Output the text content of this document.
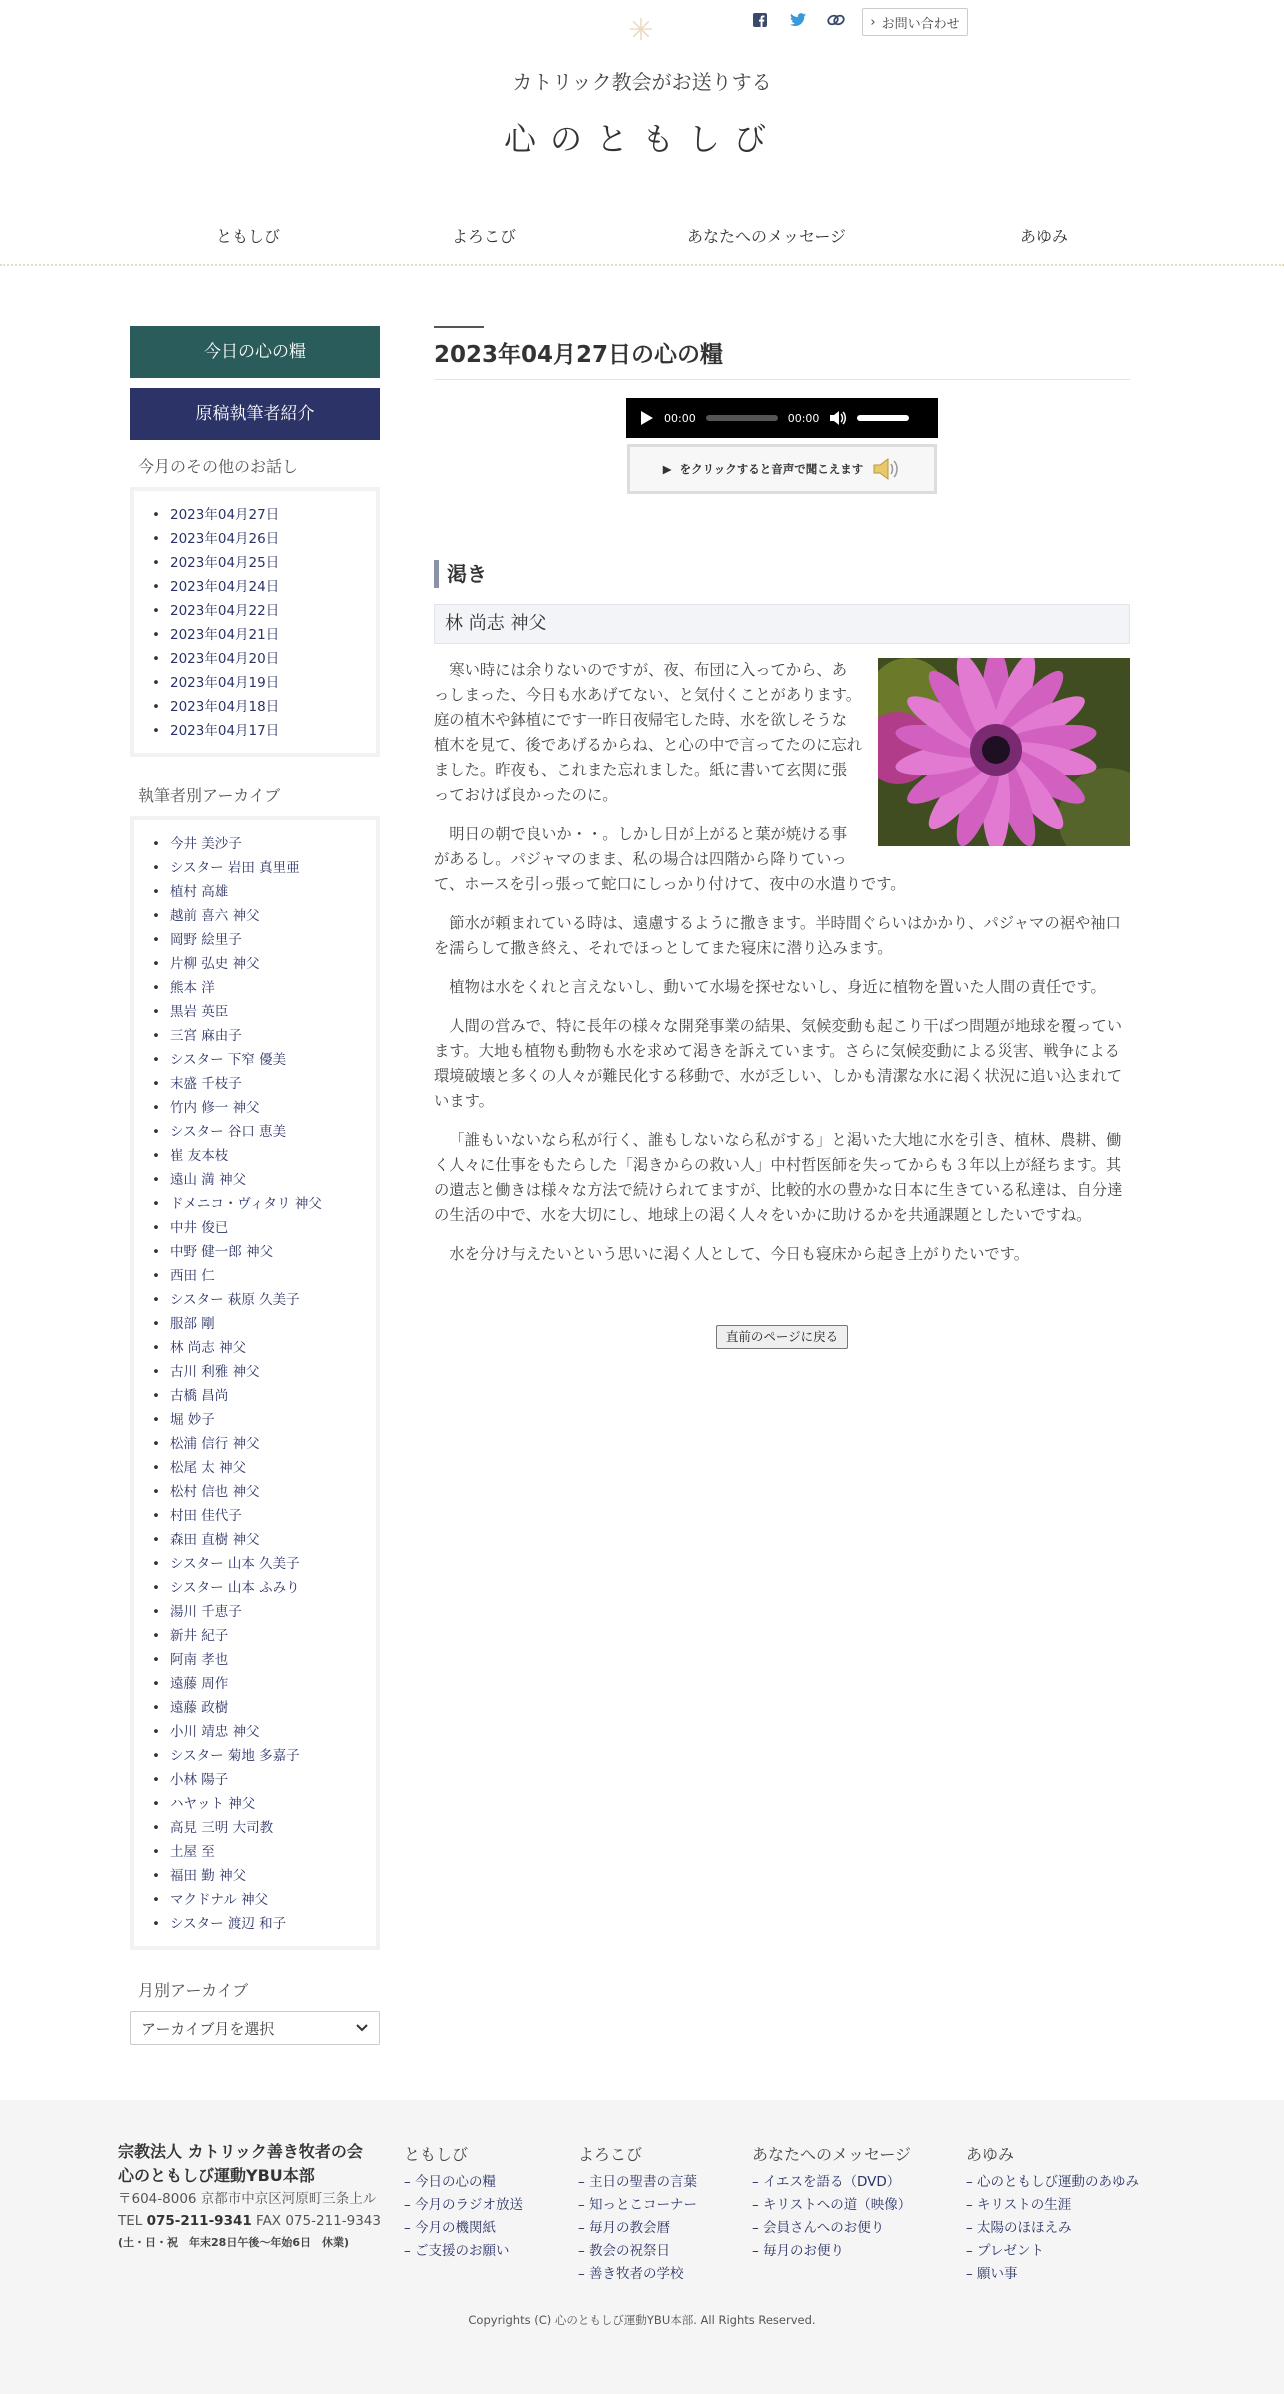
✳	› お問い合わせ
カトリック教会がお送りする
心のともしび
ともしび	よろこび	あなたへのメッセージ	あゆみ
今日の心の糧
原稿執筆者紹介
今月のその他のお話し
• 2023年04月27日
• 2023年04月26日
• 2023年04月25日
• 2023年04月24日
• 2023年04月22日
• 2023年04月21日
• 2023年04月20日
• 2023年04月19日
• 2023年04月18日
• 2023年04月17日
執筆者別アーカイブ
• 今井 美沙子
• シスター 岩田 真里亜
• 植村 高雄
• 越前 喜六 神父
• 岡野 絵里子
• 片柳 弘史 神父
• 熊本 洋
• 黒岩 英臣
• 三宮 麻由子
• シスター 下窄 優美
• 末盛 千枝子
• 竹内 修一 神父
• シスター 谷口 恵美
• 崔 友本枝
• 遠山 満 神父
• ドメニコ・ヴィタリ 神父
• 中井 俊已
• 中野 健一郎 神父
• 西田 仁
• シスター 萩原 久美子
• 服部 剛
• 林 尚志 神父
• 古川 利雅 神父
• 古橋 昌尚
• 堀 妙子
• 松浦 信行 神父
• 松尾 太 神父
• 松村 信也 神父
• 村田 佳代子
• 森田 直樹 神父
• シスター 山本 久美子
• シスター 山本 ふみり
• 湯川 千恵子
• 新井 紀子
• 阿南 孝也
• 遠藤 周作
• 遠藤 政樹
• 小川 靖忠 神父
• シスター 菊地 多嘉子
• 小林 陽子
• ハヤット 神父
• 高見 三明 大司教
• 土屋 至
• 福田 勤 神父
• マクドナル 神父
• シスター 渡辺 和子
月別アーカイブ
アーカイブ月を選択
2023年04月27日の心の糧
00:00	00:00
▶ をクリックすると音声で聞こえます
渇き
林 尚志 神父

寒い時には余りないのですが、夜、布団に入ってから、あっしまった、今日も水あげてない、と気付くことがあります。庭の植木や鉢植にです一昨日夜帰宅した時、水を欲しそうな植木を見て、後であげるからね、と心の中で言ってたのに忘れました。昨夜も、これまた忘れました。紙に書いて玄関に張っておけば良かったのに。

明日の朝で良いか・・。しかし日が上がると葉が焼ける事があるし。パジャマのまま、私の場合は四階から降りていって、ホースを引っ張って蛇口にしっかり付けて、夜中の水遣りです。

節水が頼まれている時は、遠慮するように撒きます。半時間ぐらいはかかり、パジャマの裾や袖口を濡らして撒き終え、それでほっとしてまた寝床に潜り込みます。

植物は水をくれと言えないし、動いて水場を探せないし、身近に植物を置いた人間の責任です。

人間の営みで、特に長年の様々な開発事業の結果、気候変動も起こり干ばつ問題が地球を覆っています。大地も植物も動物も水を求めて渇きを訴えています。さらに気候変動による災害、戦争による環境破壊と多くの人々が難民化する移動で、水が乏しい、しかも清潔な水に渇く状況に追い込まれています。

「誰もいないなら私が行く、誰もしないなら私がする」と渇いた大地に水を引き、植林、農耕、働く人々に仕事をもたらした「渇きからの救い人」中村哲医師を失ってからも３年以上が経ちます。其の遺志と働きは様々な方法で続けられてますが、比較的水の豊かな日本に生きている私達は、自分達の生活の中で、水を大切にし、地球上の渇く人々をいかに助けるかを共通課題としたいですね。

水を分け与えたいという思いに渇く人として、今日も寝床から起き上がりたいです。

直前のページに戻る
宗教法人 カトリック善き牧者の会
心のともしび運動YBU本部
〒604-8006 京都市中京区河原町三条上ル
TEL 075-211-9341 FAX 075-211-9343
(土・日・祝　年末28日午後〜年始6日　休業)
ともしび
– 今日の心の糧
– 今月のラジオ放送
– 今月の機関紙
– ご支援のお願い
よろこび
– 主日の聖書の言葉
– 知っとこコーナー
– 毎月の教会暦
– 教会の祝祭日
– 善き牧者の学校
あなたへのメッセージ
– イエスを語る（DVD）
– キリストへの道（映像）
– 会員さんへのお便り
– 毎月のお便り
あゆみ
– 心のともしび運動のあゆみ
– キリストの生涯
– 太陽のほほえみ
– プレゼント
– 願い事
Copyrights (C) 心のともしび運動YBU本部. All Rights Reserved.
